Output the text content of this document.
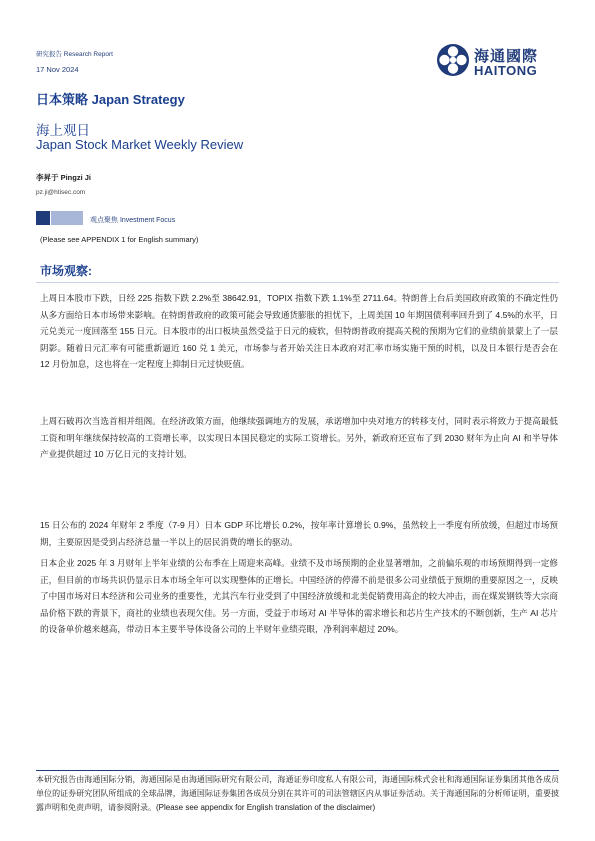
研究报告 Research Report
17 Nov 2024
日本策略 Japan Strategy
海上观日
Japan Stock Market Weekly Review
海通國際
HAITONG
李昇于 Pingzi Ji
pz.ji@htisec.com
观点聚焦 Investment Focus
(Please see APPENDIX 1 for English summary)
市场观察:
上周日本股市下跌，日经 225 指数下跌 2.2%至 38642.91，TOPIX 指数下跌 1.1%至 2711.64。特朗普上台后美国政府政策的不确定性仍从多方面给日本市场带来影响。在特朗普政府的政策可能会导致通货膨胀的担忧下，上周美国 10 年期国债利率回升到了 4.5%的水平，日元兑美元一度回落至 155 日元。日本股市的出口板块虽然受益于日元的疲软，但特朗普政府提高关税的预期为它们的业绩前景蒙上了一层阴影。随着日元汇率有可能重新逼近 160 兑 1 美元，市场参与者开始关注日本政府对汇率市场实施干预的时机，以及日本银行是否会在 12 月份加息，这也将在一定程度上抑制日元过快贬值。
上周石破再次当选首相并组阁。在经济政策方面，他继续强调地方的发展，承诺增加中央对地方的转移支付，同时表示将致力于提高最低工资和明年继续保持较高的工资增长率，以实现日本国民稳定的实际工资增长。另外，新政府还宣布了到 2030 财年为止向 AI 和半导体产业提供超过 10 万亿日元的支持计划。
15 日公布的 2024 年财年 2 季度（7-9 月）日本 GDP 环比增长 0.2%，按年率计算增长 0.9%，虽然较上一季度有所放缓，但超过市场预期，主要原因是受到占经济总量一半以上的居民消费的增长的驱动。
日本企业 2025 年 3 月财年上半年业绩的公布季在上周迎来高峰。业绩不及市场预期的企业显著增加，之前偏乐观的市场预期得到一定修正，但目前的市场共识仍显示日本市场全年可以实现整体的正增长。中国经济的停滞不前是很多公司业绩低于预期的重要原因之一，反映了中国市场对日本经济和公司业务的重要性，尤其汽车行业受到了中国经济放缓和北美促销费用高企的较大冲击，而在煤炭钢铁等大宗商品价格下跌的背景下，商社的业绩也表现欠佳。另一方面，受益于市场对 AI 半导体的需求增长和芯片生产技术的不断创新，生产 AI 芯片的设备单价越来越高，带动日本主要半导体设备公司的上半财年业绩亮眼，净利润率超过 20%。
本研究报告由海通国际分销，海通国际是由海通国际研究有限公司，海通证券印度私人有限公司，海通国际株式会社和海通国际证券集团其他各成员单位的证券研究团队所组成的全球品牌，海通国际证券集团各成员分别在其许可的司法管辖区内从事证券活动。关于海通国际的分析师证明，重要披露声明和免责声明，请参阅附录。(Please see appendix for English translation of the disclaimer)
